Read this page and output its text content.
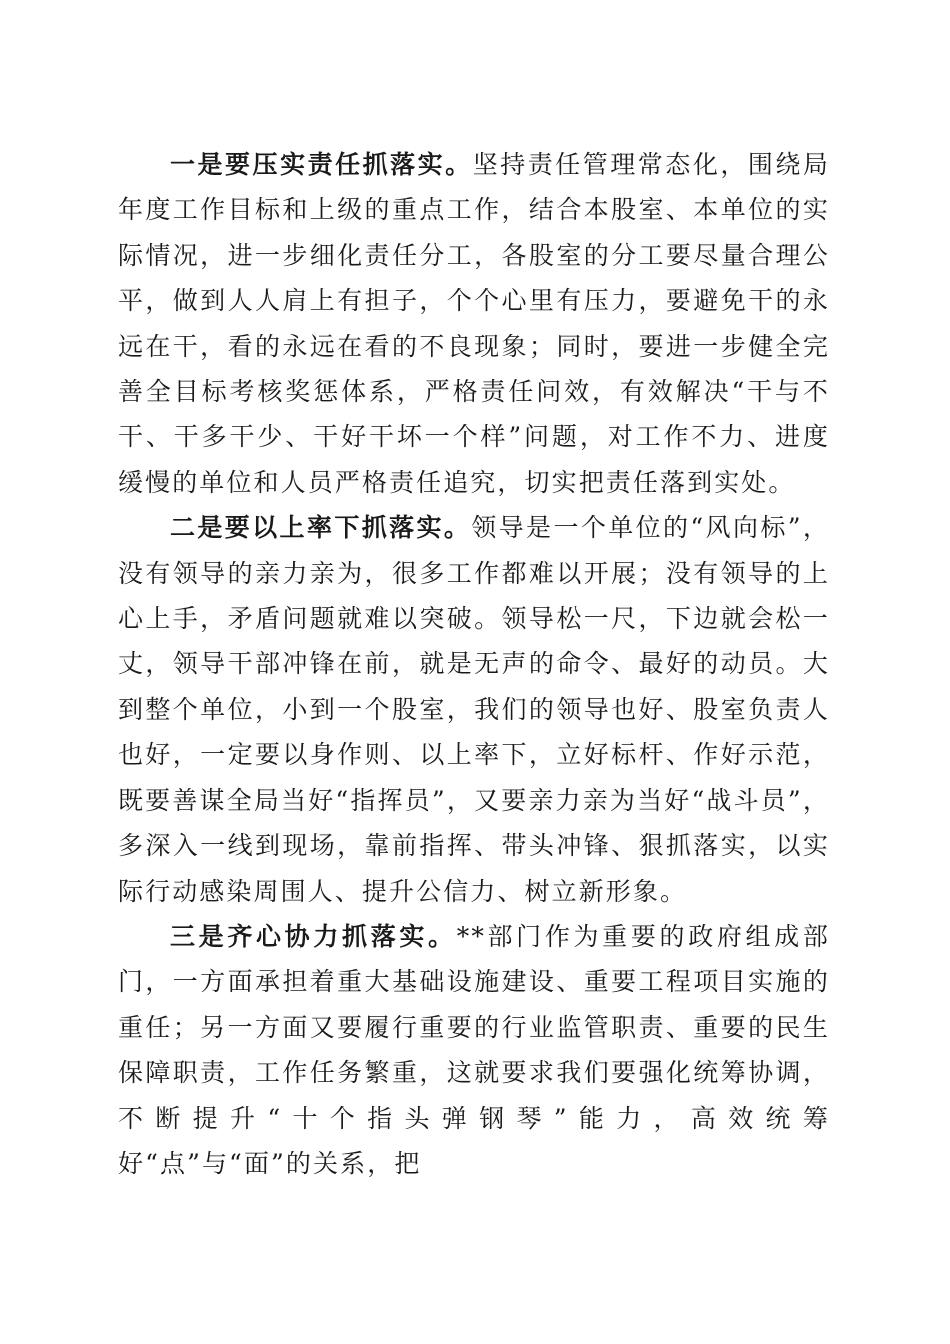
一是要压实责任抓落实。坚持责任管理常态化，围绕局年度工作目标和上级的重点工作，结合本股室、本单位的实际情况，进一步细化责任分工，各股室的分工要尽量合理公平，做到人人肩上有担子，个个心里有压力，要避免干的永远在干，看的永远在看的不良现象；同时，要进一步健全完善全目标考核奖惩体系，严格责任问效，有效解决“干与不干、干多干少、干好干坏一个样”问题，对工作不力、进度缓慢的单位和人员严格责任追究，切实把责任落到实处。

二是要以上率下抓落实。领导是一个单位的“风向标”，没有领导的亲力亲为，很多工作都难以开展；没有领导的上心上手，矛盾问题就难以突破。领导松一尺，下边就会松一丈，领导干部冲锋在前，就是无声的命令、最好的动员。大到整个单位，小到一个股室，我们的领导也好、股室负责人也好，一定要以身作则、以上率下，立好标杆、作好示范，既要善谋全局当好“指挥员”，又要亲力亲为当好“战斗员”，多深入一线到现场，靠前指挥、带头冲锋、狠抓落实，以实际行动感染周围人、提升公信力、树立新形象。

三是齐心协力抓落实。**部门作为重要的政府组成部门，一方面承担着重大基础设施建设、重要工程项目实施的重任；另一方面又要履行重要的行业监管职责、重要的民生保障职责，工作任务繁重，这就要求我们要强化统筹协调，不断提升“十个指头弹钢琴”能力，高效统筹好“点”与“面”的关系，把
